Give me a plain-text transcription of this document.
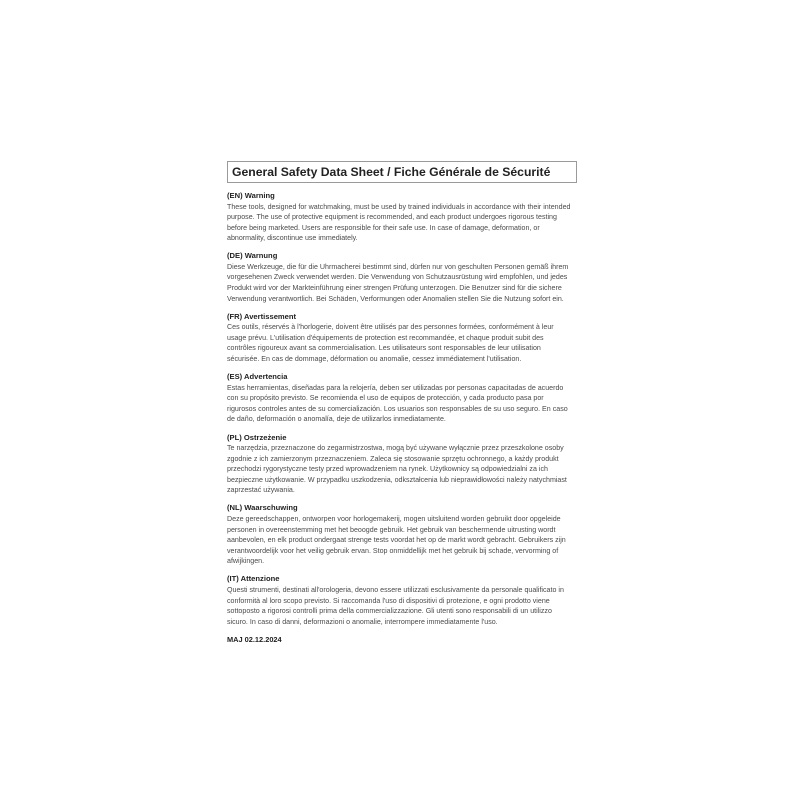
General Safety Data Sheet / Fiche Générale de Sécurité
(EN) Warning
These tools, designed for watchmaking, must be used by trained individuals in accordance with their intended purpose. The use of protective equipment is recommended, and each product undergoes rigorous testing before being marketed. Users are responsible for their safe use. In case of damage, deformation, or abnormality, discontinue use immediately.
(DE) Warnung
Diese Werkzeuge, die für die Uhrmacherei bestimmt sind, dürfen nur von geschulten Personen gemäß ihrem vorgesehenen Zweck verwendet werden. Die Verwendung von Schutzausrüstung wird empfohlen, und jedes Produkt wird vor der Markteinführung einer strengen Prüfung unterzogen. Die Benutzer sind für die sichere Verwendung verantwortlich. Bei Schäden, Verformungen oder Anomalien stellen Sie die Nutzung sofort ein.
(FR) Avertissement
Ces outils, réservés à l'horlogerie, doivent être utilisés par des personnes formées, conformément à leur usage prévu. L'utilisation d'équipements de protection est recommandée, et chaque produit subit des contrôles rigoureux avant sa commercialisation. Les utilisateurs sont responsables de leur utilisation sécurisée. En cas de dommage, déformation ou anomalie, cessez immédiatement l'utilisation.
(ES) Advertencia
Estas herramientas, diseñadas para la relojería, deben ser utilizadas por personas capacitadas de acuerdo con su propósito previsto. Se recomienda el uso de equipos de protección, y cada producto pasa por rigurosos controles antes de su comercialización. Los usuarios son responsables de su uso seguro. En caso de daño, deformación o anomalía, deje de utilizarlos inmediatamente.
(PL) Ostrzeżenie
Te narzędzia, przeznaczone do zegarmistrzostwa, mogą być używane wyłącznie przez przeszkolone osoby zgodnie z ich zamierzonym przeznaczeniem. Zaleca się stosowanie sprzętu ochronnego, a każdy produkt przechodzi rygorystyczne testy przed wprowadzeniem na rynek. Użytkownicy są odpowiedzialni za ich bezpieczne użytkowanie. W przypadku uszkodzenia, odkształcenia lub nieprawidłowości należy natychmiast zaprzestać używania.
(NL) Waarschuwing
Deze gereedschappen, ontworpen voor horlogemakerij, mogen uitsluitend worden gebruikt door opgeleide personen in overeenstemming met het beoogde gebruik. Het gebruik van beschermende uitrusting wordt aanbevolen, en elk product ondergaat strenge tests voordat het op de markt wordt gebracht. Gebruikers zijn verantwoordelijk voor het veilig gebruik ervan. Stop onmiddellijk met het gebruik bij schade, vervorming of afwijkingen.
(IT) Attenzione
Questi strumenti, destinati all'orologeria, devono essere utilizzati esclusivamente da personale qualificato in conformità al loro scopo previsto. Si raccomanda l'uso di dispositivi di protezione, e ogni prodotto viene sottoposto a rigorosi controlli prima della commercializzazione. Gli utenti sono responsabili di un utilizzo sicuro. In caso di danni, deformazioni o anomalie, interrompere immediatamente l'uso.
MAJ 02.12.2024
